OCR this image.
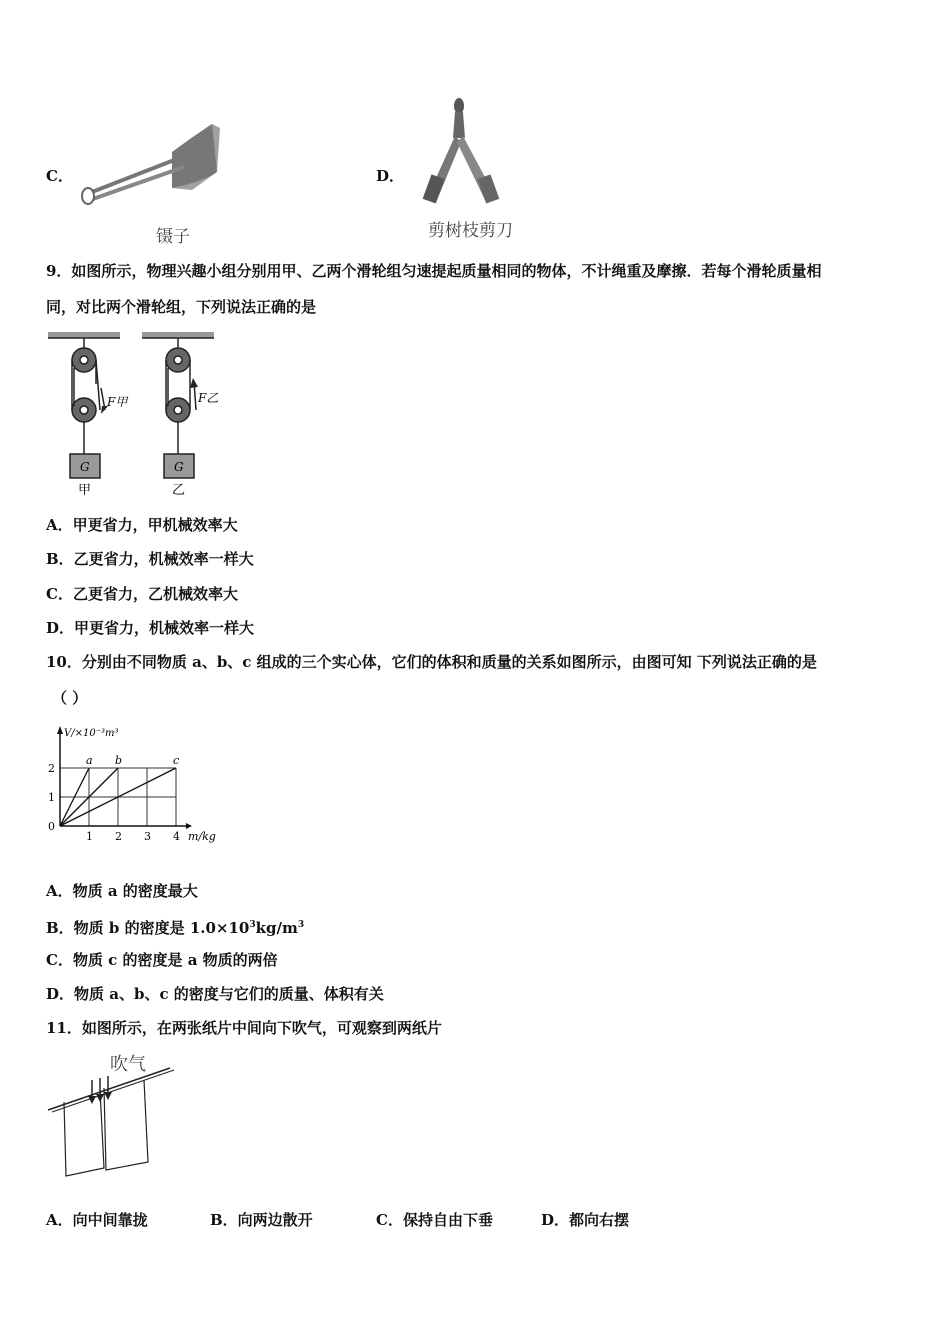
C．
镊子
D．
剪树枝剪刀
9．如图所示，物理兴趣小组分别用甲、乙两个滑轮组匀速提起质量相同的物体，不计绳重及摩擦．若每个滑轮质量相
同，对比两个滑轮组，下列说法正确的是
F甲
G
甲
F乙
G
乙
A．甲更省力，甲机械效率大
B．乙更省力，机械效率一样大
C．乙更省力，乙机械效率大
D．甲更省力，机械效率一样大
10．分别由不同物质 a、b、c 组成的三个实心体，它们的体积和质量的关系如图所示，由图可知 下列说法正确的是
（ ）
a b	c
1 2 3 4
0
1
2
V/×10⁻³m³
m/kg
A．物质 a 的密度最大
B．物质 b 的密度是 $1.0\times 10^3kg/m^3$
C．物质 c 的密度是 a 物质的两倍
D．物质 a、b、c 的密度与它们的质量、体积有关
11．如图所示，在两张纸片中间向下吹气，可观察到两纸片
吹气
A．向中间靠拢	B．向两边散开	C．保持自由下垂	D．都向右摆
